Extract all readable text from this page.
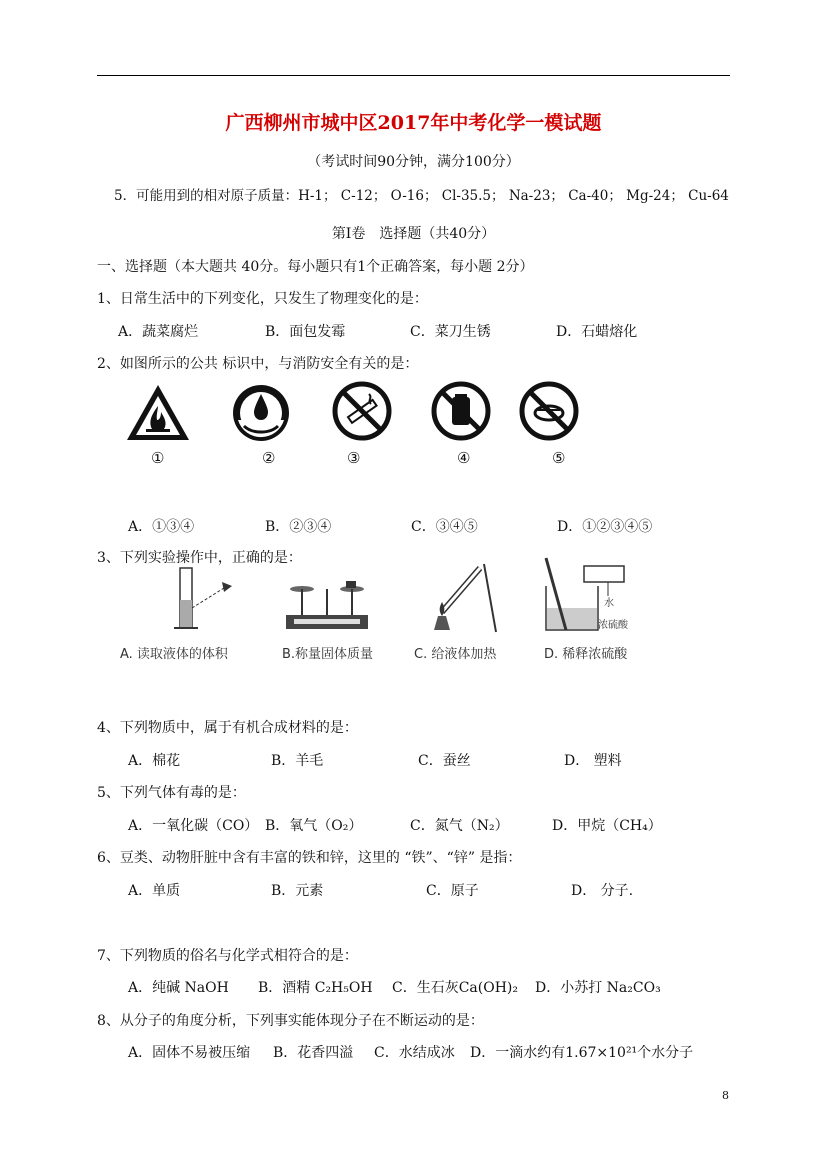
广西柳州市城中区2017年中考化学一模试题
（考试时间90分钟，满分100分）
5．可能用到的相对原子质量：H-1； C-12； O-16； Cl-35.5； Na-23； Ca-40； Mg-24； Cu-64
第Ⅰ卷　选择题（共40分）
一、选择题（本大题共 40分。每小题只有1个正确答案，每小题 2分）
1、日常生活中的下列变化，只发生了物理变化的是：
A．蔬菜腐烂	B．面包发霉	C．菜刀生锈	D．石蜡熔化
2、如图所示的公共 标识中，与消防安全有关的是：
①	②	③	④	⑤
A．①③④	B．②③④	C．③④⑤	D．①②③④⑤
3、下列实验操作中，正确的是：
水
浓硫酸
A. 读取液体的体积	B.称量固体质量	C. 给液体加热	D. 稀释浓硫酸
4、下列物质中，属于有机合成材料的是：
A．棉花	B．羊毛	C．蚕丝	D． 塑料
5、下列气体有毒的是：
A．一氧化碳（CO） B．氧气（O₂）	C．氮气（N₂）	D．甲烷（CH₄）
6、豆类、动物肝脏中含有丰富的铁和锌，这里的 “铁”、“锌” 是指：
A．单质	B．元素	C．原子	D． 分子.
7、下列物质的俗名与化学式相符合的是：
A．纯碱 NaOH B．酒精 C₂H₅OH C．生石灰Ca(OH)₂ D．小苏打 Na₂CO₃
8、从分子的角度分析，下列事实能体现分子在不断运动的是：
A．固体不易被压缩 B．花香四溢 C．水结成冰 D．一滴水约有1.67×10²¹个水分子
8
